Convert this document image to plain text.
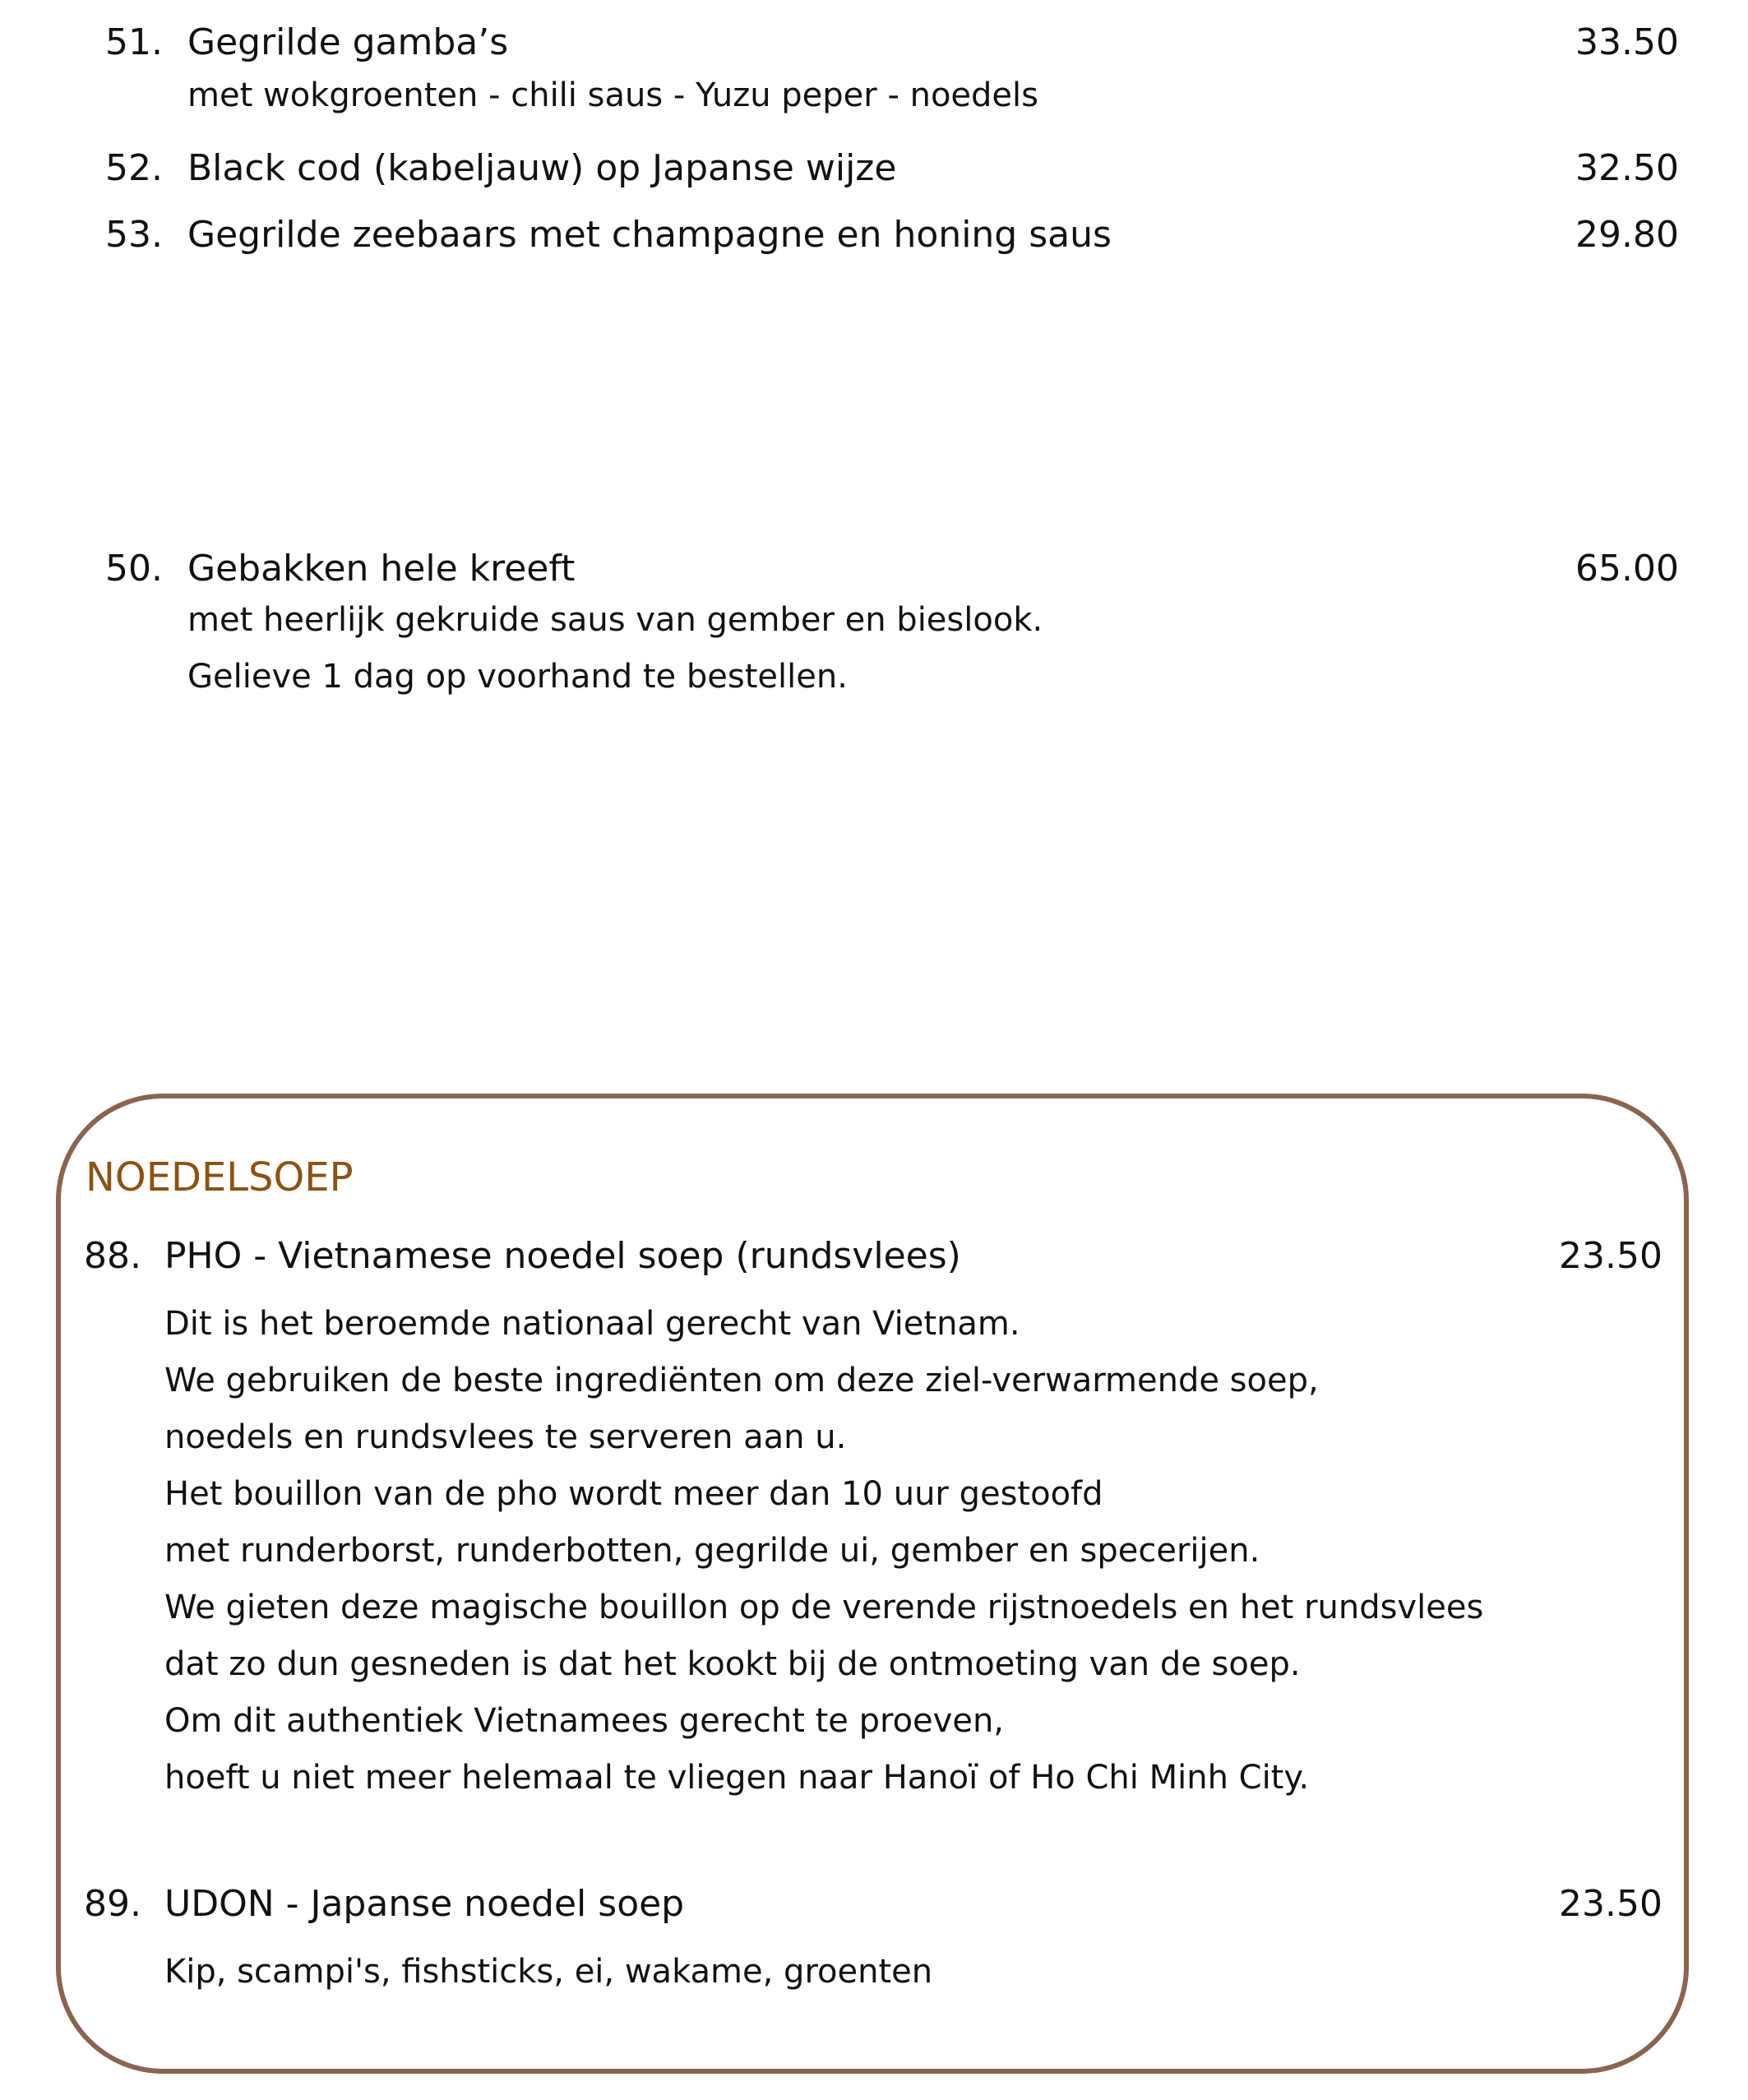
51. Gegrilde gamba’s	33.50
met wokgroenten - chili saus - Yuzu peper - noedels
52. Black cod (kabeljauw) op Japanse wijze	32.50
53. Gegrilde zeebaars met champagne en honing saus	29.80
50. Gebakken hele kreeft	65.00
met heerlijk gekruide saus van gember en bieslook.
Gelieve 1 dag op voorhand te bestellen.
NOEDELSOEP
88. PHO - Vietnamese noedel soep (rundsvlees)	23.50
Dit is het beroemde nationaal gerecht van Vietnam.
We gebruiken de beste ingrediënten om deze ziel-verwarmende soep,
noedels en rundsvlees te serveren aan u.
Het bouillon van de pho wordt meer dan 10 uur gestoofd
met runderborst, runderbotten, gegrilde ui, gember en specerijen.
We gieten deze magische bouillon op de verende rijstnoedels en het rundsvlees
dat zo dun gesneden is dat het kookt bij de ontmoeting van de soep.
Om dit authentiek Vietnamees gerecht te proeven,
hoeft u niet meer helemaal te vliegen naar Hanoï of Ho Chi Minh City.
89. UDON - Japanse noedel soep	23.50
Kip, scampi's, fishsticks, ei, wakame, groenten
